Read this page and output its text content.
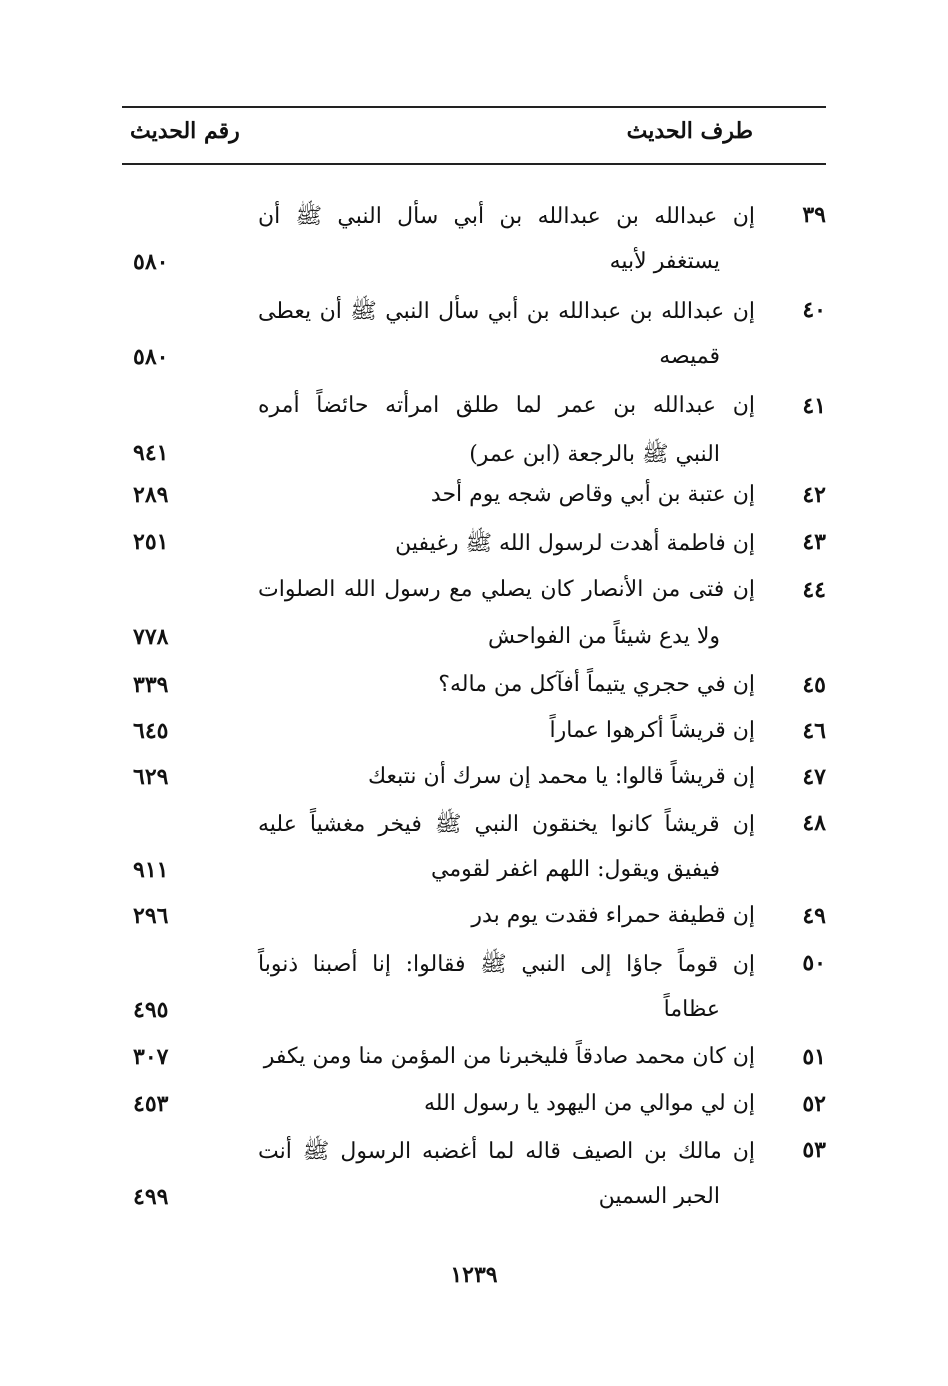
طرف الحديث
رقم الحديث
٣٩
إن عبدالله بن عبدالله بن أبي سأل النبي ﷺ أن
يستغفر لأبيه
٥٨٠
٤٠
إن عبدالله بن عبدالله بن أبي سأل النبي ﷺ أن يعطى
قميصه
٥٨٠
٤١
إن عبدالله بن عمر لما طلق امرأته حائضاً أمره
النبي ﷺ بالرجعة (ابن عمر)
٩٤١
٤٢
إن عتبة بن أبي وقاص شجه يوم أحد
٢٨٩
٤٣
إن فاطمة أهدت لرسول الله ﷺ رغيفين
٢٥١
٤٤
إن فتى من الأنصار كان يصلي مع رسول الله الصلوات
ولا يدع شيئاً من الفواحش
٧٧٨
٤٥
إن في حجري يتيماً أفآكل من ماله؟
٣٣٩
٤٦
إن قريشاً أكرهوا عماراً
٦٤٥
٤٧
إن قريشاً قالوا: يا محمد إن سرك أن نتبعك
٦٢٩
٤٨
إن قريشاً كانوا يخنقون النبي ﷺ فيخر مغشياً عليه
فيفيق ويقول: اللهم اغفر لقومي
٩١١
٤٩
إن قطيفة حمراء فقدت يوم بدر
٢٩٦
٥٠
إن قوماً جاؤا إلى النبي ﷺ فقالوا: إنا أصبنا ذنوباً
عظاماً
٤٩٥
٥١
إن كان محمد صادقاً فليخبرنا من المؤمن منا ومن يكفر
٣٠٧
٥٢
إن لي موالي من اليهود يا رسول الله
٤٥٣
٥٣
إن مالك بن الصيف قاله لما أغضبه الرسول ﷺ أنت
الحبر السمين
٤٩٩
١٢٣٩
